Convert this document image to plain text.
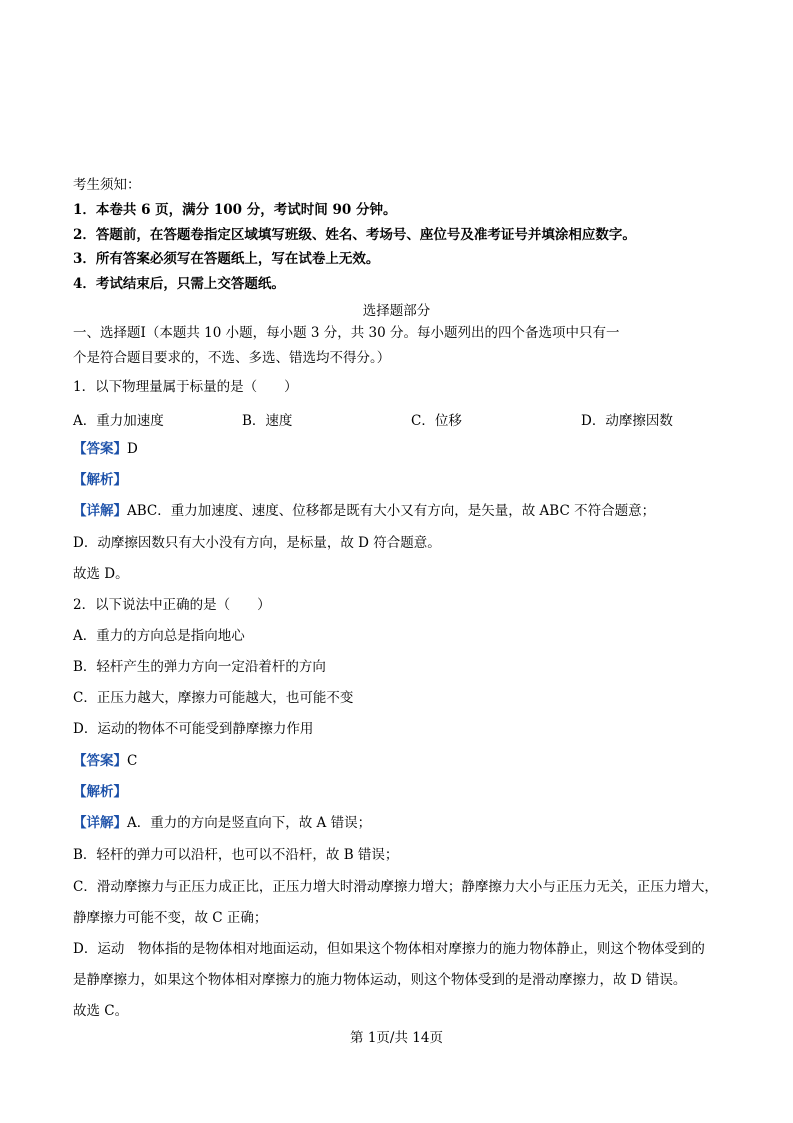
考生须知：
1．本卷共 6 页，满分 100 分，考试时间 90 分钟。
2．答题前，在答题卷指定区域填写班级、姓名、考场号、座位号及准考证号并填涂相应数字。
3．所有答案必须写在答题纸上，写在试卷上无效。
4．考试结束后，只需上交答题纸。
选择题部分
一、选择题Ⅰ（本题共 10 小题，每小题 3 分，共 30 分。每小题列出的四个备选项中只有一
个是符合题目要求的，不选、多选、错选均不得分。）
1．以下物理量属于标量的是（　　）
A．重力加速度	B．速度	C．位移	D．动摩擦因数
【答案】D
【解析】
【详解】ABC．重力加速度、速度、位移都是既有大小又有方向，是矢量，故 ABC 不符合题意；
D．动摩擦因数只有大小没有方向，是标量，故 D 符合题意。
故选 D。
2．以下说法中正确的是（　　）
A．重力的方向总是指向地心
B．轻杆产生的弹力方向一定沿着杆的方向
C．正压力越大，摩擦力可能越大，也可能不变
D．运动的物体不可能受到静摩擦力作用
【答案】C
【解析】
【详解】A．重力的方向是竖直向下，故 A 错误；
B．轻杆的弹力可以沿杆，也可以不沿杆，故 B 错误；
C．滑动摩擦力与正压力成正比，正压力增大时滑动摩擦力增大；静摩擦力大小与正压力无关，正压力增大，
静摩擦力可能不变，故 C 正确；
D．运动　物体指的是物体相对地面运动，但如果这个物体相对摩擦力的施力物体静止，则这个物体受到的
是静摩擦力，如果这个物体相对摩擦力的施力物体运动，则这个物体受到的是滑动摩擦力，故 D 错误。
故选 C。
第 1页/共 14页
